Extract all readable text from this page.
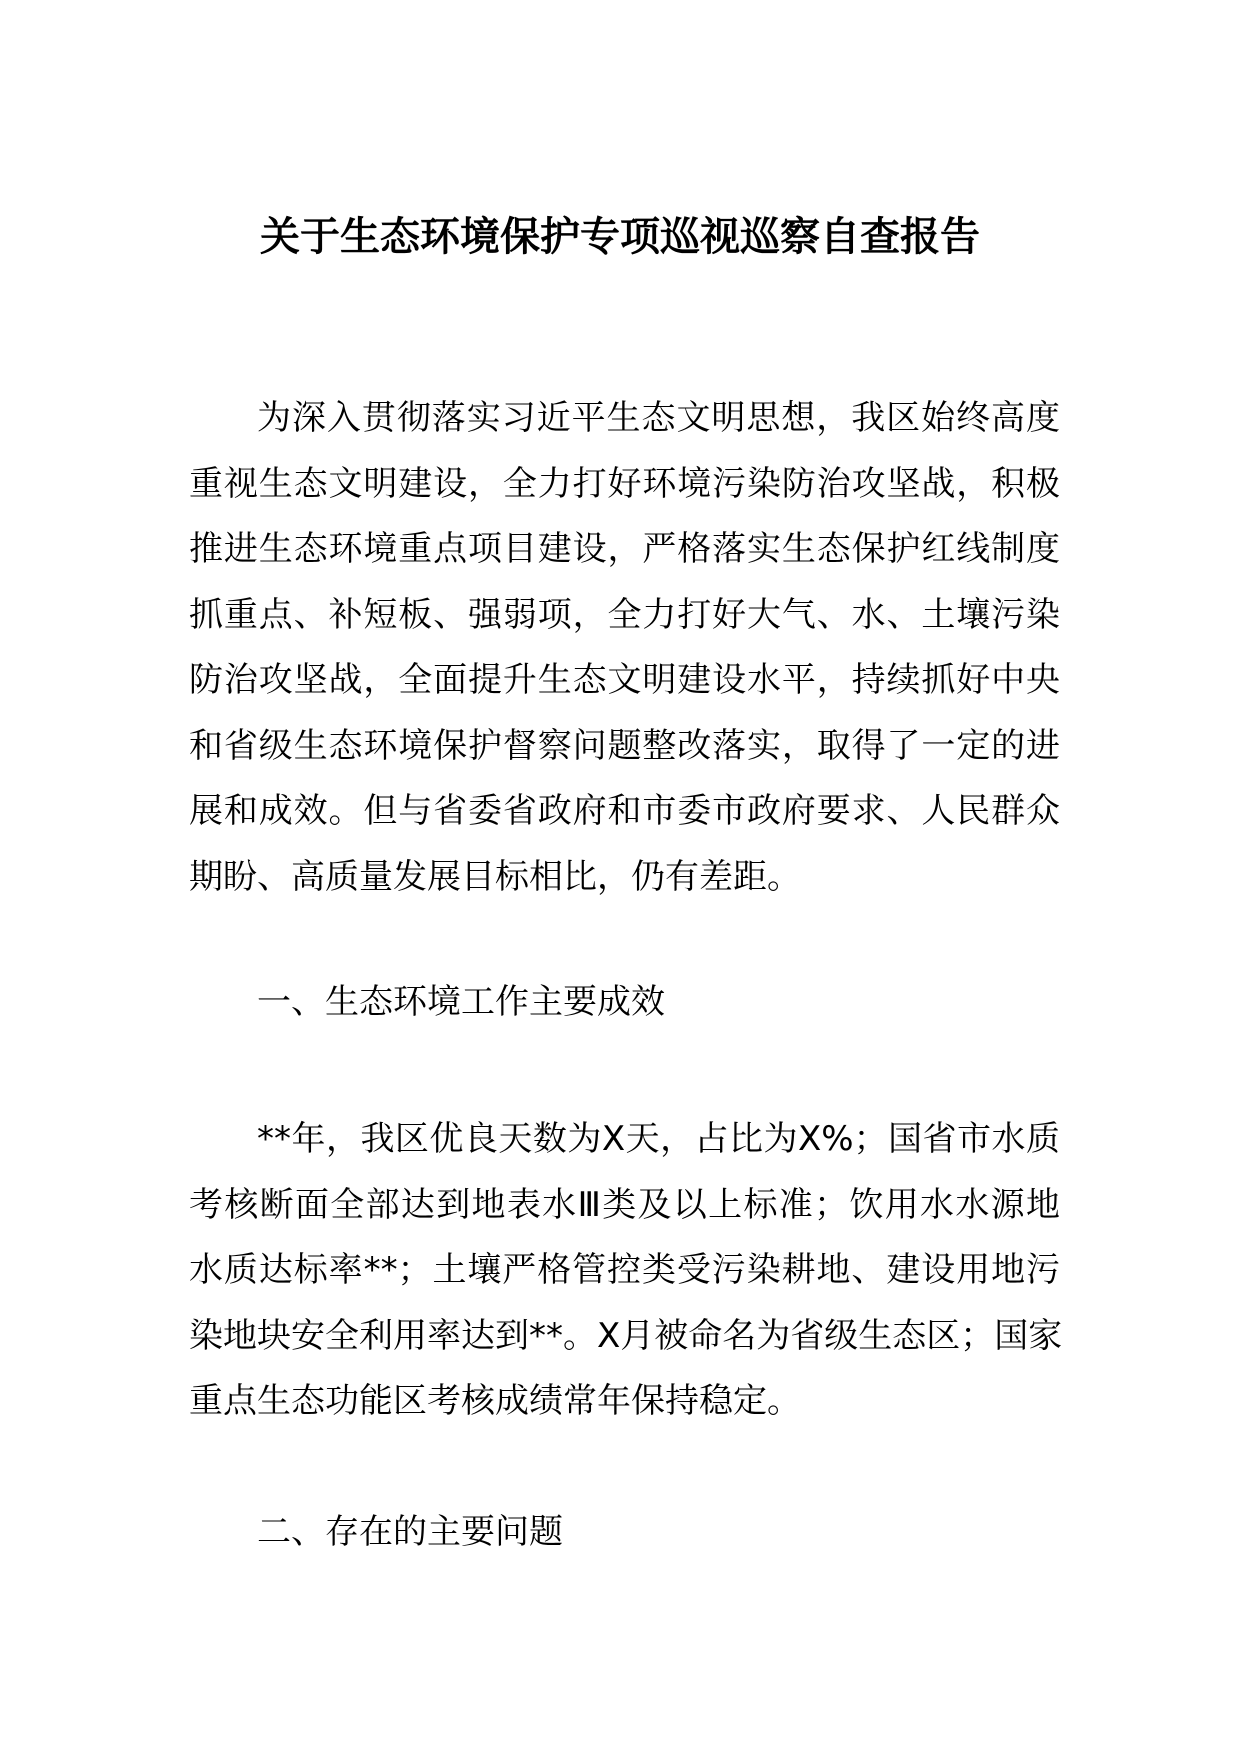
关于生态环境保护专项巡视巡察自查报告
为深入贯彻落实习近平生态文明思想，我区始终高度
重视生态文明建设，全力打好环境污染防治攻坚战，积极
推进生态环境重点项目建设，严格落实生态保护红线制度
抓重点、补短板、强弱项，全力打好大气、水、土壤污染
防治攻坚战，全面提升生态文明建设水平，持续抓好中央
和省级生态环境保护督察问题整改落实，取得了一定的进
展和成效。但与省委省政府和市委市政府要求、人民群众
期盼、高质量发展目标相比，仍有差距。
一、生态环境工作主要成效
**年，我区优良天数为X天，占比为X%；国省市水质
考核断面全部达到地表水Ⅲ类及以上标准；饮用水水源地
水质达标率**；土壤严格管控类受污染耕地、建设用地污
染地块安全利用率达到**。X月被命名为省级生态区；国家
重点生态功能区考核成绩常年保持稳定。
二、存在的主要问题
